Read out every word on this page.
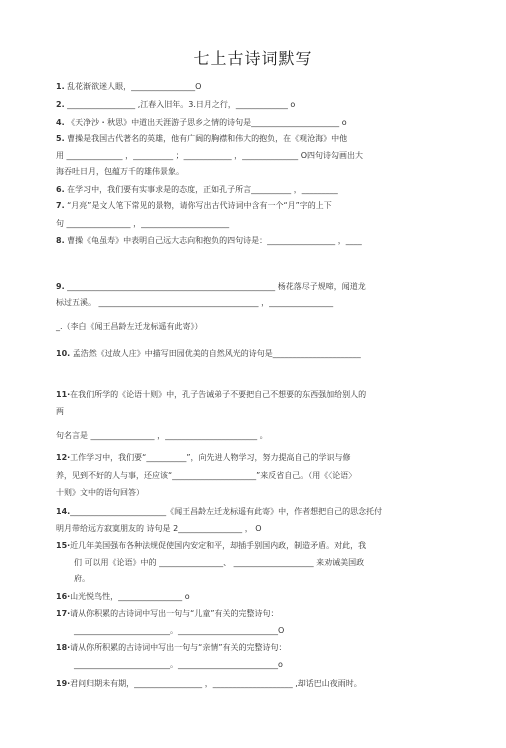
七上古诗词默写
1. 乱花渐欲迷人眼，________________O
2. _________________ ,江春入旧年。3.日月之行，_____________ o
4. 《天净沙・秋思》中道出天涯游子思乡之情的诗句是______________________ o
5. 曹操是我国古代著名的英雄，他有广阔的胸襟和伟大的抱负，在《观沧海》中他
用 ______________ ，__________ ；____________ ，______________ O四句诗勾画出大
海吞吐日月，包蕴万千的雄伟景象。
6. 在学习中，我们要有实事求是的态度，正如孔子所言__________ ，_________
7. “月亮”是文人笔下常见的景物，请你写出古代诗词中含有一个“月”字的上下
句 ________________ ，______________________
8. 曹操《龟虽寿》中表明自己远大志向和抱负的四句诗是：_________________ ，____
9. ____________________________________________________ 杨花落尽子规啼，闻道龙
标过五溪。 ________________________________________ ，________________
_.（李白《闻王昌龄左迁龙标遥有此寄》）
10. 孟浩然《过故人庄》中描写田园优美的自然风光的诗句是______________________
11·在我们所学的《论语十则》中，孔子告诫弟子不要把自己不想要的东西强加给别人的
两
句名言是 ________________ ，_______________________ 。
12·工作学习中，我们要“__________”，向先进人物学习，努力提高自己的学识与修
养，见到不好的人与事，还应该“_____________________”来反省自己。（用《〈论语〉
十则》文中的语句回答）
14.________________________《闻王昌龄左迁龙标遥有此寄》中，作者想把自己的思念托付
明月带给远方寂寞朋友的 诗句是 2________________ ， O
15·近几年美国强布各种法规促使国内安定和平，却插手别国内政，制造矛盾。对此，我
们 可以用《论语》中的 ________________、 ____________________ 来劝诫美国政
府。
16·山光悦鸟性，________________ o
17·请从你积累的古诗词中写出一句与“儿童”有关的完整诗句：
________________________。_________________________O
18·请从你所积累的古诗词中写出一句与“亲情”有关的完整诗句：
________________________。_________________________o
19·君问归期未有期，_________________ ，____________________ ,却话巴山夜雨时。
